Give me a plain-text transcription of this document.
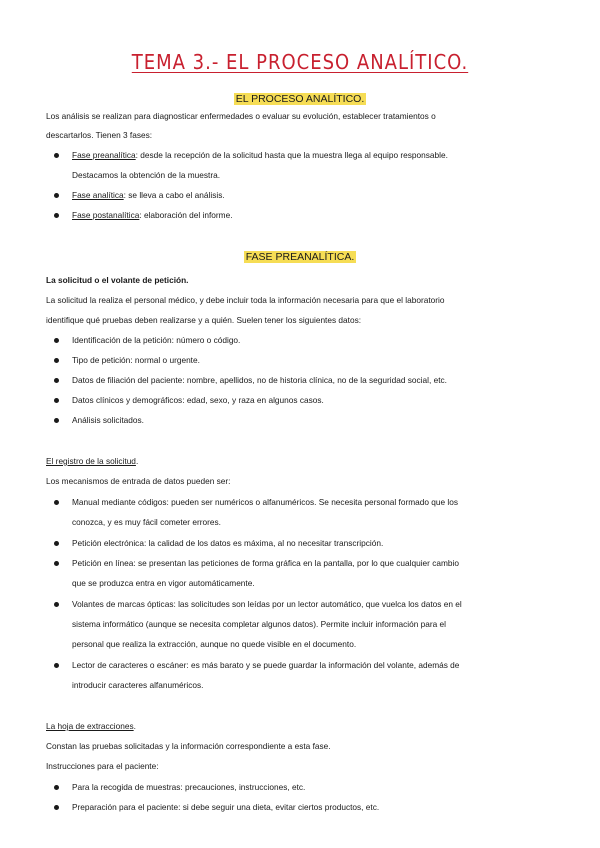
TEMA 3.- EL PROCESO ANALÍTICO.
EL PROCESO ANALÍTICO.
Los análisis se realizan para diagnosticar enfermedades o evaluar su evolución, establecer tratamientos o
descartarlos. Tienen 3 fases:
Fase preanalítica: desde la recepción de la solicitud hasta que la muestra llega al equipo responsable.
Destacamos la obtención de la muestra.
Fase analítica: se lleva a cabo el análisis.
Fase postanalítica: elaboración del informe.
FASE PREANALÍTICA.
La solicitud o el volante de petición.
La solicitud la realiza el personal médico, y debe incluir toda la información necesaria para que el laboratorio
identifique qué pruebas deben realizarse y a quién. Suelen tener los siguientes datos:
Identificación de la petición: número o código.
Tipo de petición: normal o urgente.
Datos de filiación del paciente: nombre, apellidos, no de historia clínica, no de la seguridad social, etc.
Datos clínicos y demográficos: edad, sexo, y raza en algunos casos.
Análisis solicitados.
El registro de la solicitud.
Los mecanismos de entrada de datos pueden ser:
Manual mediante códigos: pueden ser numéricos o alfanuméricos. Se necesita personal formado que los
conozca, y es muy fácil cometer errores.
Petición electrónica: la calidad de los datos es máxima, al no necesitar transcripción.
Petición en línea: se presentan las peticiones de forma gráfica en la pantalla, por lo que cualquier cambio
que se produzca entra en vigor automáticamente.
Volantes de marcas ópticas: las solicitudes son leídas por un lector automático, que vuelca los datos en el
sistema informático (aunque se necesita completar algunos datos). Permite incluir información para el
personal que realiza la extracción, aunque no quede visible en el documento.
Lector de caracteres o escáner: es más barato y se puede guardar la información del volante, además de
introducir caracteres alfanuméricos.
La hoja de extracciones.
Constan las pruebas solicitadas y la información correspondiente a esta fase.
Instrucciones para el paciente:
Para la recogida de muestras: precauciones, instrucciones, etc.
Preparación para el paciente: si debe seguir una dieta, evitar ciertos productos, etc.
